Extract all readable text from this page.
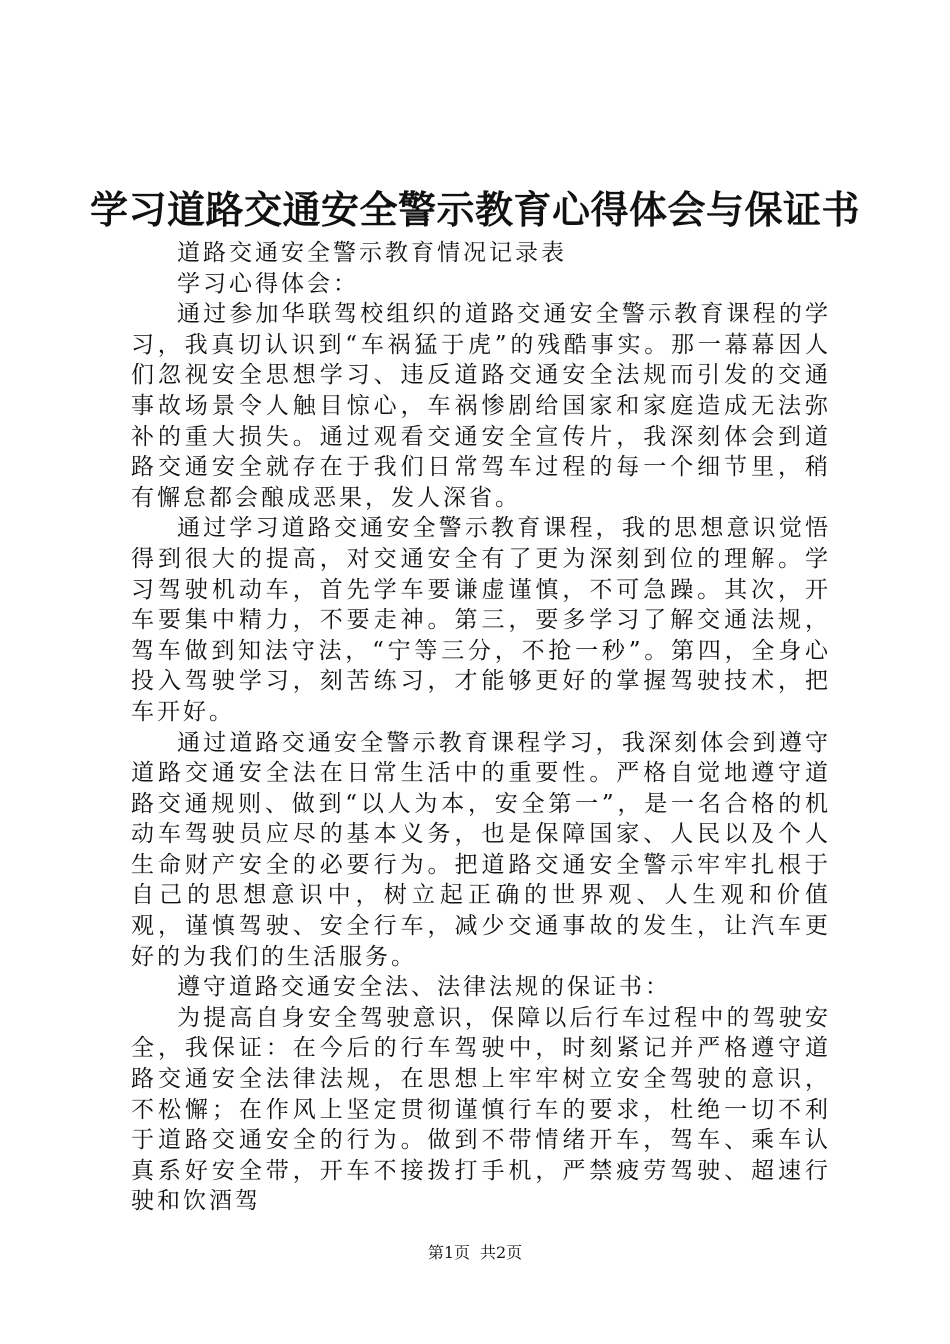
学习道路交通安全警示教育心得体会与保证书

道路交通安全警示教育情况记录表

学习心得体会：

通过参加华联驾校组织的道路交通安全警示教育课程的学习，我真切认识到“车祸猛于虎”的残酷事实。那一幕幕因人们忽视安全思想学习、违反道路交通安全法规而引发的交通事故场景令人触目惊心，车祸惨剧给国家和家庭造成无法弥补的重大损失。通过观看交通安全宣传片，我深刻体会到道路交通安全就存在于我们日常驾车过程的每一个细节里，稍有懈怠都会酿成恶果，发人深省。

通过学习道路交通安全警示教育课程，我的思想意识觉悟得到很大的提高，对交通安全有了更为深刻到位的理解。学习驾驶机动车，首先学车要谦虚谨慎，不可急躁。其次，开车要集中精力，不要走神。第三，要多学习了解交通法规，驾车做到知法守法，“宁等三分，不抢一秒”。第四，全身心投入驾驶学习，刻苦练习，才能够更好的掌握驾驶技术，把车开好。

通过道路交通安全警示教育课程学习，我深刻体会到遵守道路交通安全法在日常生活中的重要性。严格自觉地遵守道路交通规则、做到“以人为本，安全第一”，是一名合格的机动车驾驶员应尽的基本义务，也是保障国家、人民以及个人生命财产安全的必要行为。把道路交通安全警示牢牢扎根于自己的思想意识中，树立起正确的世界观、人生观和价值观，谨慎驾驶、安全行车，减少交通事故的发生，让汽车更好的为我们的生活服务。

遵守道路交通安全法、法律法规的保证书：

为提高自身安全驾驶意识，保障以后行车过程中的驾驶安全，我保证：在今后的行车驾驶中，时刻紧记并严格遵守道路交通安全法律法规，在思想上牢牢树立安全驾驶的意识，不松懈；在作风上坚定贯彻谨慎行车的要求，杜绝一切不利于道路交通安全的行为。做到不带情绪开车，驾车、乘车认真系好安全带，开车不接拨打手机，严禁疲劳驾驶、超速行驶和饮酒驾

第1页 共2页
